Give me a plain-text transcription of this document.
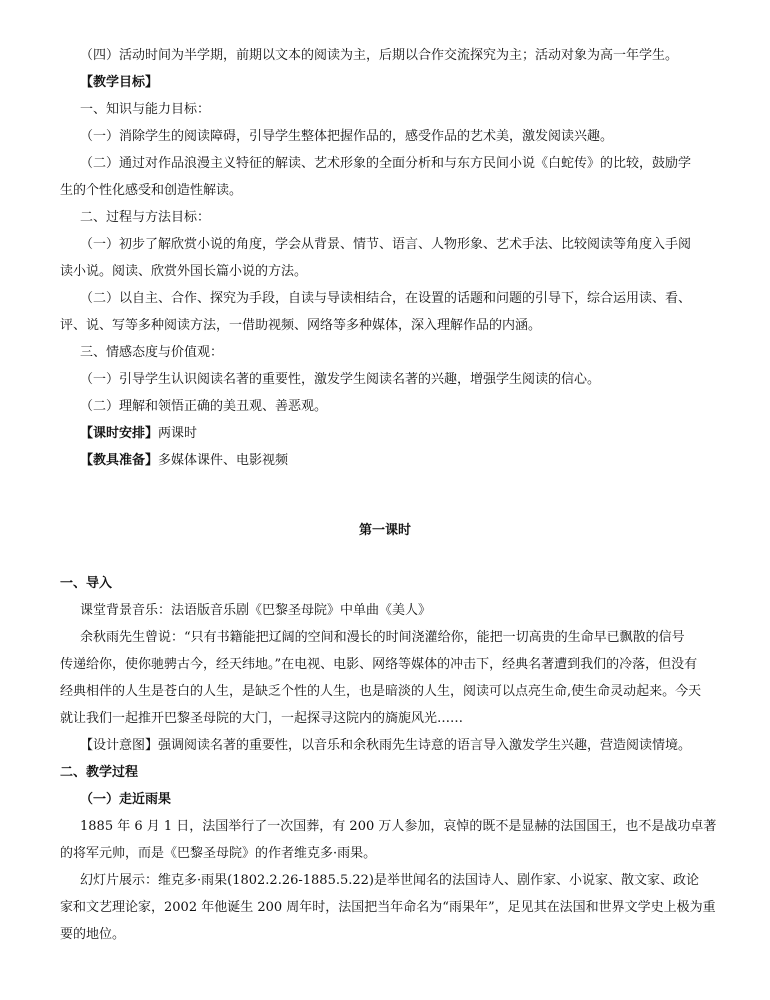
（四）活动时间为半学期，前期以文本的阅读为主，后期以合作交流探究为主；活动对象为高一年学生。
【教学目标】
一、知识与能力目标：
（一）消除学生的阅读障碍，引导学生整体把握作品的，感受作品的艺术美，激发阅读兴趣。
（二）通过对作品浪漫主义特征的解读、艺术形象的全面分析和与东方民间小说《白蛇传》的比较，鼓励学
生的个性化感受和创造性解读。
二、过程与方法目标：
（一）初步了解欣赏小说的角度，学会从背景、情节、语言、人物形象、艺术手法、比较阅读等角度入手阅
读小说。阅读、欣赏外国长篇小说的方法。
（二）以自主、合作、探究为手段，自读与导读相结合，在设置的话题和问题的引导下，综合运用读、看、
评、说、写等多种阅读方法，一借助视频、网络等多种媒体，深入理解作品的内涵。
三、情感态度与价值观：
（一）引导学生认识阅读名著的重要性，激发学生阅读名著的兴趣，增强学生阅读的信心。
（二）理解和领悟正确的美丑观、善恶观。
【课时安排】两课时
【教具准备】多媒体课件、电影视频
第一课时
一、导入
课堂背景音乐：法语版音乐剧《巴黎圣母院》中单曲《美人》
余秋雨先生曾说：“只有书籍能把辽阔的空间和漫长的时间浇灌给你，能把一切高贵的生命早已飘散的信号
传递给你，使你驰骋古今，经天纬地。”在电视、电影、网络等媒体的冲击下，经典名著遭到我们的冷落，但没有
经典相伴的人生是苍白的人生，是缺乏个性的人生，也是暗淡的人生，阅读可以点亮生命,使生命灵动起来。今天
就让我们一起推开巴黎圣母院的大门，一起探寻这院内的旖旎风光……
【设计意图】强调阅读名著的重要性，以音乐和余秋雨先生诗意的语言导入激发学生兴趣，营造阅读情境。
二、教学过程
（一）走近雨果
1885 年 6 月 1 日，法国举行了一次国葬，有 200 万人参加，哀悼的既不是显赫的法国国王，也不是战功卓著
的将军元帅，而是《巴黎圣母院》的作者维克多·雨果。
幻灯片展示：维克多·雨果(1802.2.26-1885.5.22)是举世闻名的法国诗人、剧作家、小说家、散文家、政论
家和文艺理论家，2002 年他诞生 200 周年时，法国把当年命名为“雨果年”，足见其在法国和世界文学史上极为重
要的地位。
